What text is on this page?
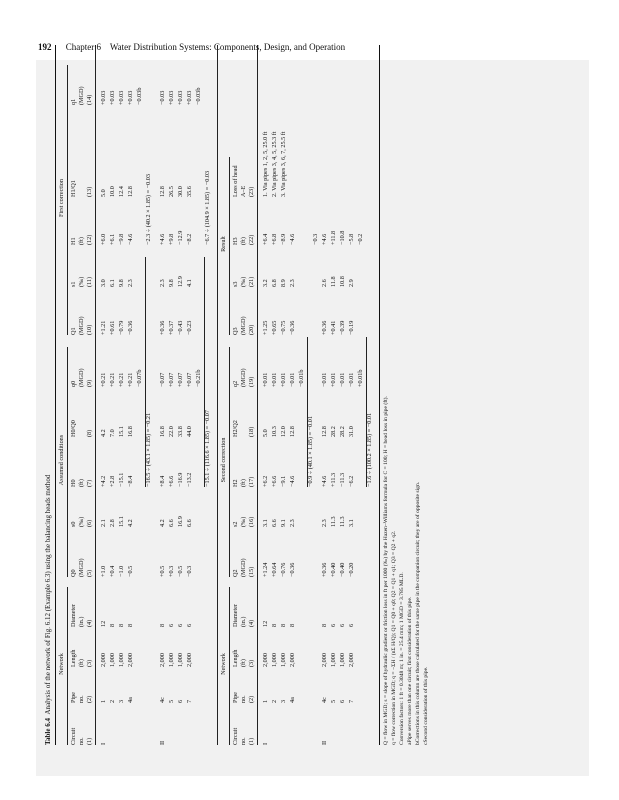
192 Chapter 6 Water Distribution Systems: Components, Design, and Operation
Table 6.4  Analysis of the network of Fig. 6.12 (Example 6.3) using the balancing heads method Network
Assumed conditions
First correction
Circuit no. (1)
Pipe no. (2)
Length (ft) (3)
Diameter (in.) (4)
Q0 (MGD) (5)
s0 (‰) (6)
H0 (ft) (7)
H0/Q0 (8)
q0 (MGD) (9)
Q1 (MGD) (10)
s1 (‰) (11)
H1 (ft) (12)
H1/Q1 (13)
q1 (MGD) (14)
I
1
2,000
12
+1.0
2.1
+4.2
4.2
+0.21
+1.21
3.0
+6.0
5.0
+0.03
2
1,000
8
+0.4
2.8
+2.8
7.0
+0.21
+0.61
6.1
+6.1
10.0
+0.03
3
1,000
8
−1.0
15.1
−15.1
15.1
+0.21
−0.79
9.8
−9.8
12.4
+0.03
4a
2,000
8
−0.5
4.2
−8.4
16.8
+0.21
−0.36
2.3
−4.6
12.8
+0.03
−0.07b
−0.03b
−16.5 ÷ (43.1 × 1.85) = −0.21
−2.3 ÷ (40.2 × 1.85) = −0.03
II
4c
2,000
8
+0.5
4.2
+8.4
16.8
−0.07
+0.36
2.3
+4.6
12.8
−0.03
5
1,000
6
+0.3
6.6
+6.6
22.0
+0.07
+0.37
9.8
+9.8
26.5
+0.03
6
1,000
6
−0.5
16.9
−16.9
33.8
+0.07
−0.43
12.9
−12.9
30.0
+0.03
7
2,000
6
−0.3
6.6
−13.2
44.0
+0.07
−0.23
4.1
−8.2
35.6
+0.03
−0.21b
−0.03b
−15.1 ÷ (116.6 × 1.85) = −0.07
−6.7 ÷ (104.9 × 1.85) = −0.03
Network
Second correction
Result
Circuit no. (1)
Pipe no. (2)
Length (ft) (3)
Diameter (in.) (4)
Q2 (MGD) (15)
s2 (‰) (16)
H2 (ft) (17)
H2/Q2 (18)
q2 (MGD) (19)
Q3 (MGD) (20)
s3 (‰) (21)
H3 (ft) (22)
Loss of head A–E (23)
I
1
2,000
12
+1.24
3.1
+6.2
5.0
+0.01
+1.25
3.2
+6.4
1. Via pipes 1, 2, 5, 25.0 ft
2
1,000
8
+0.64
6.6
+6.6
10.3
+0.01
+0.65
6.8
+6.8
2. Via pipes 3, 4, 5, 25.3 ft
3
1,000
8
−0.76
9.1
−9.1
12.0
+0.01
−0.75
8.9
−8.9
3. Via pipes 3, 6, 7, 25.5 ft
4a
2,000
8
−0.36
2.3
−4.6
12.8
−0.01
−0.36
2.3
−4.6
−0.01b
−0.9 ÷ (40.1 × 1.85) = −0.01
II
4c
2,000
8
+0.36
2.3
+4.6
12.8
−0.01
+0.36
2.6
+4.6
−0.3
5
1,000
6
+0.40
11.3
+11.3
28.2
+0.01
+0.41
11.8
+11.8
6
1,000
6
−0.40
11.3
−11.3
28.2
−0.01
−0.39
10.8
−10.8
7
2,000
6
−0.20
3.1
−6.2
31.0
−0.01
−0.19
2.9
−5.8
+0.01b
−0.2
−1.6 ÷ (100.2 × 1.85) = −0.01 Q = flow in MGD; s = slope of hydraulic gradient or friction loss in ft per 1000 (‰) by the Hazen–Williams formula for C = 100; H = head loss in pipe (ft). q = flow correction in MGD; q = −ΣH / (nΣ H/Q); Q1 = Q0 + q0; Q2 = Q1 + q1; Q3 = Q2 + q2. Conversion factors: 1 ft = 0.3048 m; 1 in. = 25.4 mm; 1 MGD = 3.785 MLD. aPipe serves more than one circuit; first consideration of this pipe. bCorrections in this column are those calculated for the same pipe in the companion circuit; they are of opposite sign. cSecond consideration of this pipe.
